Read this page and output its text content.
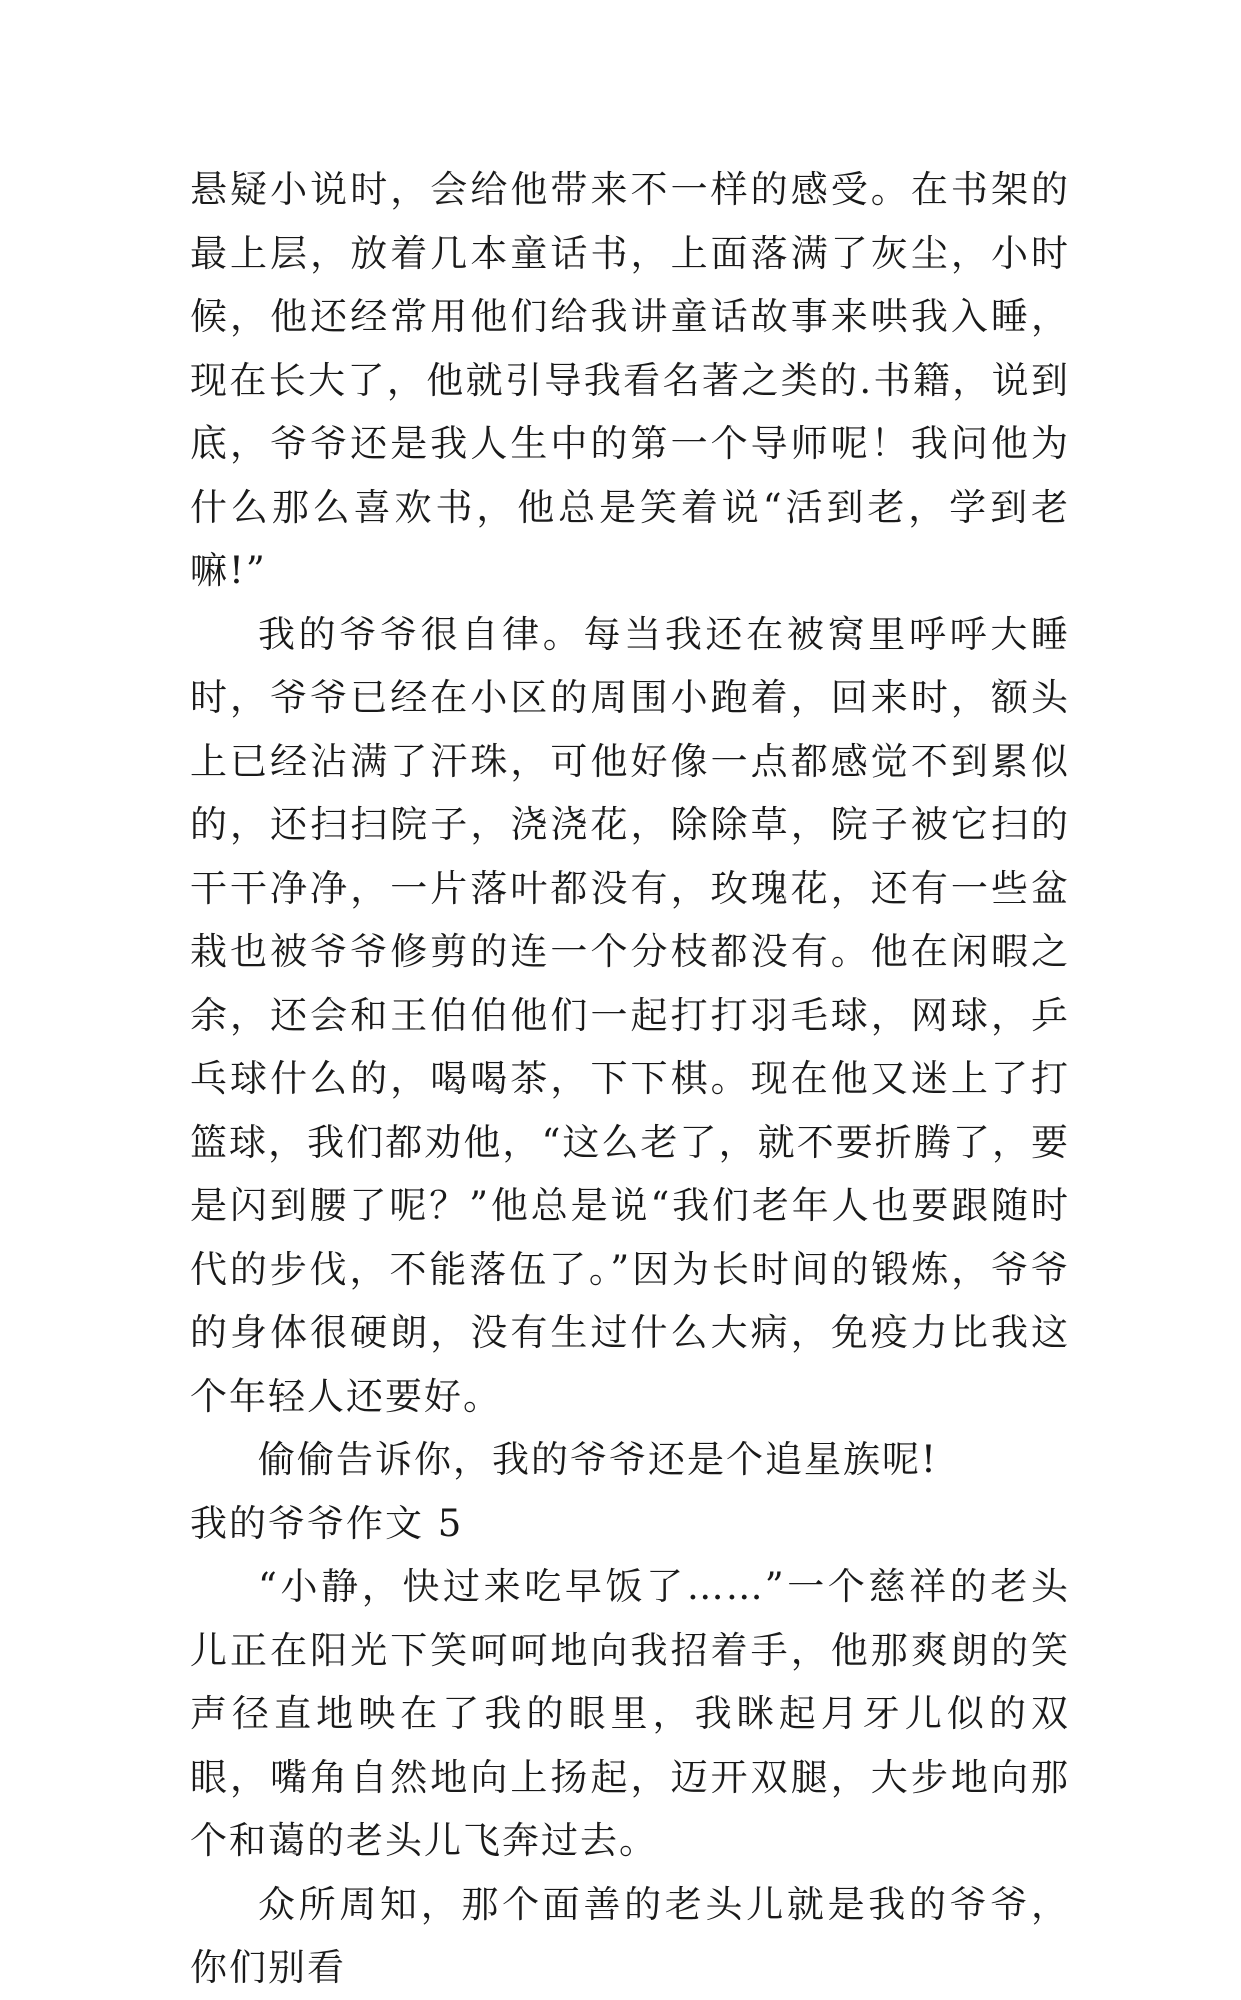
悬疑小说时，会给他带来不一样的感受。在书架的最上层，放着几本童话书，上面落满了灰尘，小时候，他还经常用他们给我讲童话故事来哄我入睡，现在长大了，他就引导我看名著之类的.书籍，说到底，爷爷还是我人生中的第一个导师呢！我问他为什么那么喜欢书，他总是笑着说“活到老，学到老嘛!”

我的爷爷很自律。每当我还在被窝里呼呼大睡时，爷爷已经在小区的周围小跑着，回来时，额头上已经沾满了汗珠，可他好像一点都感觉不到累似的，还扫扫院子，浇浇花，除除草，院子被它扫的干干净净，一片落叶都没有，玫瑰花，还有一些盆栽也被爷爷修剪的连一个分枝都没有。他在闲暇之余，还会和王伯伯他们一起打打羽毛球，网球，乒乓球什么的，喝喝茶，下下棋。现在他又迷上了打篮球，我们都劝他，“这么老了，就不要折腾了，要是闪到腰了呢？”他总是说“我们老年人也要跟随时代的步伐，不能落伍了。”因为长时间的锻炼，爷爷的身体很硬朗，没有生过什么大病，免疫力比我这个年轻人还要好。

偷偷告诉你，我的爷爷还是个追星族呢!

我的爷爷作文 5

“小静，快过来吃早饭了……”一个慈祥的老头儿正在阳光下笑呵呵地向我招着手，他那爽朗的笑声径直地映在了我的眼里，我眯起月牙儿似的双眼，嘴角自然地向上扬起，迈开双腿，大步地向那个和蔼的老头儿飞奔过去。

众所周知，那个面善的老头儿就是我的爷爷，你们别看
